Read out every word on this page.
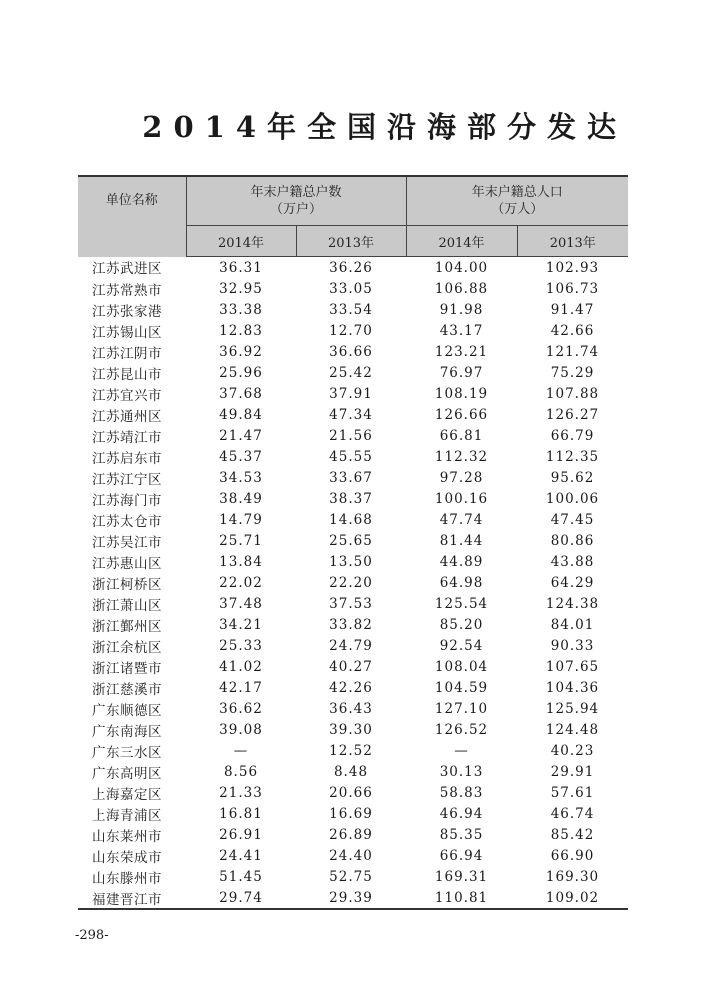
2014年全国沿海部分发达
单位名称	年末户籍总户数
（万户）		年末户籍总人口
（万人）	
	2014年	2013年	2014年	2013年
江苏武进区	36.31	36.26	104.00	102.93
江苏常熟市	32.95	33.05	106.88	106.73
江苏张家港	33.38	33.54	91.98	91.47
江苏锡山区	12.83	12.70	43.17	42.66
江苏江阴市	36.92	36.66	123.21	121.74
江苏昆山市	25.96	25.42	76.97	75.29
江苏宜兴市	37.68	37.91	108.19	107.88
江苏通州区	49.84	47.34	126.66	126.27
江苏靖江市	21.47	21.56	66.81	66.79
江苏启东市	45.37	45.55	112.32	112.35
江苏江宁区	34.53	33.67	97.28	95.62
江苏海门市	38.49	38.37	100.16	100.06
江苏太仓市	14.79	14.68	47.74	47.45
江苏吴江市	25.71	25.65	81.44	80.86
江苏惠山区	13.84	13.50	44.89	43.88
浙江柯桥区	22.02	22.20	64.98	64.29
浙江萧山区	37.48	37.53	125.54	124.38
浙江鄞州区	34.21	33.82	85.20	84.01
浙江余杭区	25.33	24.79	92.54	90.33
浙江诸暨市	41.02	40.27	108.04	107.65
浙江慈溪市	42.17	42.26	104.59	104.36
广东顺德区	36.62	36.43	127.10	125.94
广东南海区	39.08	39.30	126.52	124.48
广东三水区	—	12.52	—	40.23
广东高明区	8.56	8.48	30.13	29.91
上海嘉定区	21.33	20.66	58.83	57.61
上海青浦区	16.81	16.69	46.94	46.74
山东莱州市	26.91	26.89	85.35	85.42
山东荣成市	24.41	24.40	66.94	66.90
山东滕州市	51.45	52.75	169.31	169.30
福建晋江市	29.74	29.39	110.81	109.02
-298-
